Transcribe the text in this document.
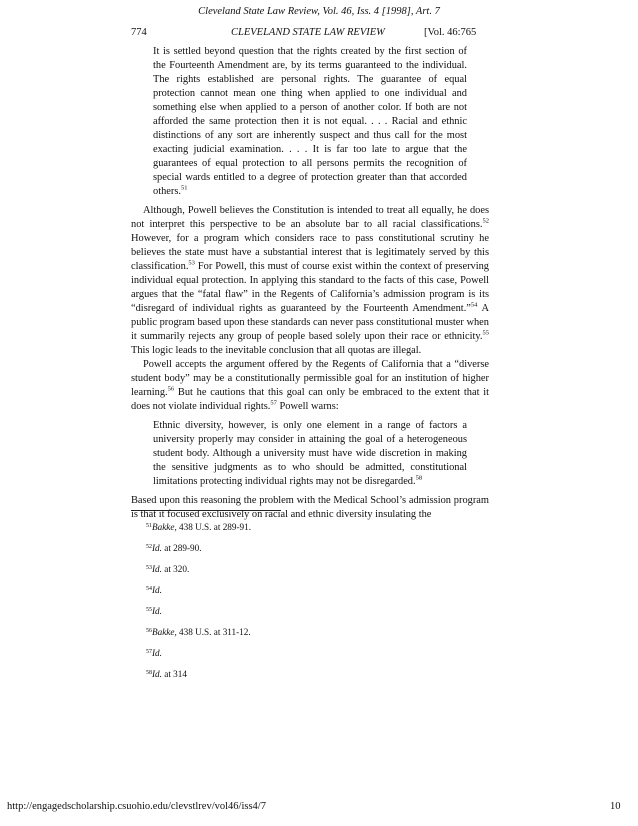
Cleveland State Law Review, Vol. 46, Iss. 4 [1998], Art. 7
774	CLEVELAND STATE LAW REVIEW	[Vol. 46:765
It is settled beyond question that the rights created by the first section of the Fourteenth Amendment are, by its terms guaranteed to the individual. The rights established are personal rights. The guarantee of equal protection cannot mean one thing when applied to one individual and something else when applied to a person of another color. If both are not afforded the same protection then it is not equal. . . . Racial and ethnic distinctions of any sort are inherently suspect and thus call for the most exacting judicial examination. . . . It is far too late to argue that the guarantees of equal protection to all persons permits the recognition of special wards entitled to a degree of protection greater than that accorded others.$^{51}$
Although, Powell believes the Constitution is intended to treat all equally, he does not interpret this perspective to be an absolute bar to all racial classifications.$^{52}$ However, for a program which considers race to pass constitutional scrutiny he believes the state must have a substantial interest that is legitimately served by this classification.$^{53}$ For Powell, this must of course exist within the context of preserving individual equal protection. In applying this standard to the facts of this case, Powell argues that the “fatal flaw” in the Regents of California’s admission program is its “disregard of individual rights as guaranteed by the Fourteenth Amendment.”$^{54}$ A public program based upon these standards can never pass constitutional muster when it summarily rejects any group of people based solely upon their race or ethnicity.$^{55}$ This logic leads to the inevitable conclusion that all quotas are illegal.
Powell accepts the argument offered by the Regents of California that a “diverse student body” may be a constitutionally permissible goal for an institution of higher learning.$^{56}$ But he cautions that this goal can only be embraced to the extent that it does not violate individual rights.$^{57}$ Powell warns:
Ethnic diversity, however, is only one element in a range of factors a university properly may consider in attaining the goal of a heterogeneous student body. Although a university must have wide discretion in making the sensitive judgments as to who should be admitted, constitutional limitations protecting individual rights may not be disregarded.$^{58}$
Based upon this reasoning the problem with the Medical School’s admission program is that it focused exclusively on racial and ethnic diversity insulating the
$^{51}$Bakke, 438 U.S. at 289-91.
$^{52}$Id. at 289-90.
$^{53}$Id. at 320.
$^{54}$Id.
$^{55}$Id.
$^{56}$Bakke, 438 U.S. at 311-12.
$^{57}$Id.
$^{58}$Id. at 314
http://engagedscholarship.csuohio.edu/clevstlrev/vol46/iss4/7	10
